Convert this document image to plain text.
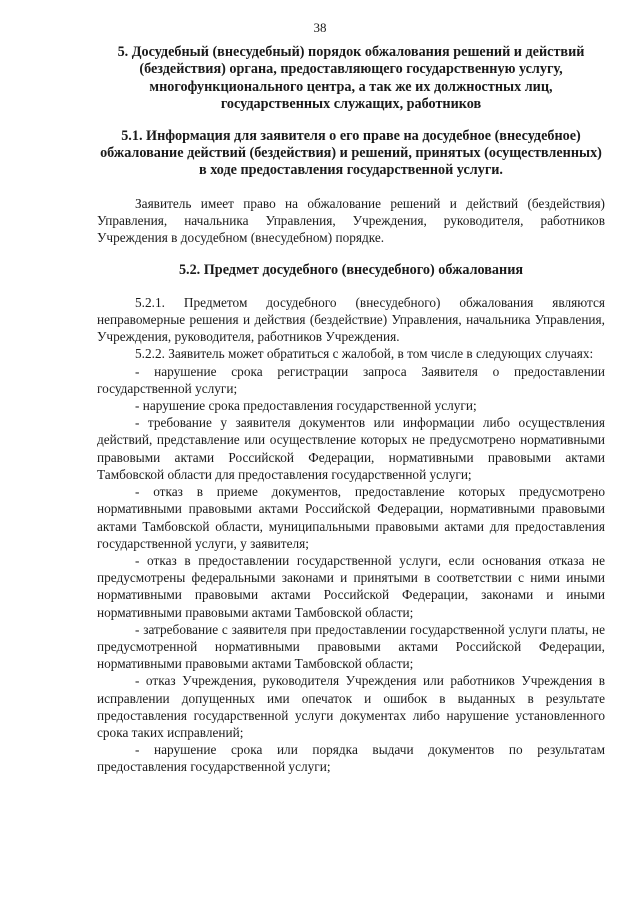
38

5. Досудебный (внесудебный) порядок обжалования решений и действий (бездействия) органа, предоставляющего государственную услугу, многофункционального центра, а так же их должностных лиц, государственных служащих, работников

5.1. Информация для заявителя о его праве на досудебное (внесудебное) обжалование действий (бездействия) и решений, принятых (осуществленных) в ходе предоставления государственной услуги.

Заявитель имеет право на обжалование решений и действий (бездействия) Управления, начальника Управления, Учреждения, руководителя, работников Учреждения в досудебном (внесудебном) порядке.

5.2. Предмет досудебного (внесудебного) обжалования

5.2.1. Предметом досудебного (внесудебного) обжалования являются неправомерные решения и действия (бездействие) Управления, начальника Управления, Учреждения, руководителя, работников Учреждения.

5.2.2. Заявитель может обратиться с жалобой, в том числе в следующих случаях:

- нарушение срока регистрации запроса Заявителя о предоставлении государственной услуги;

- нарушение срока предоставления государственной услуги;

- требование у заявителя документов или информации либо осуществления действий, представление или осуществление которых не предусмотрено нормативными правовыми актами Российской Федерации, нормативными правовыми актами Тамбовской области для предоставления государственной услуги;

- отказ в приеме документов, предоставление которых предусмотрено нормативными правовыми актами Российской Федерации, нормативными правовыми актами Тамбовской области, муниципальными правовыми актами для предоставления государственной услуги, у заявителя;

- отказ в предоставлении государственной услуги, если основания отказа не предусмотрены федеральными законами и принятыми в соответствии с ними иными нормативными правовыми актами Российской Федерации, законами и иными нормативными правовыми актами Тамбовской области;

- затребование с заявителя при предоставлении государственной услуги платы, не предусмотренной нормативными правовыми актами Российской Федерации, нормативными правовыми актами Тамбовской области;

- отказ Учреждения, руководителя Учреждения или работников Учреждения в исправлении допущенных ими опечаток и ошибок в выданных в результате предоставления государственной услуги документах либо нарушение установленного срока таких исправлений;

- нарушение срока или порядка выдачи документов по результатам предоставления государственной услуги;
